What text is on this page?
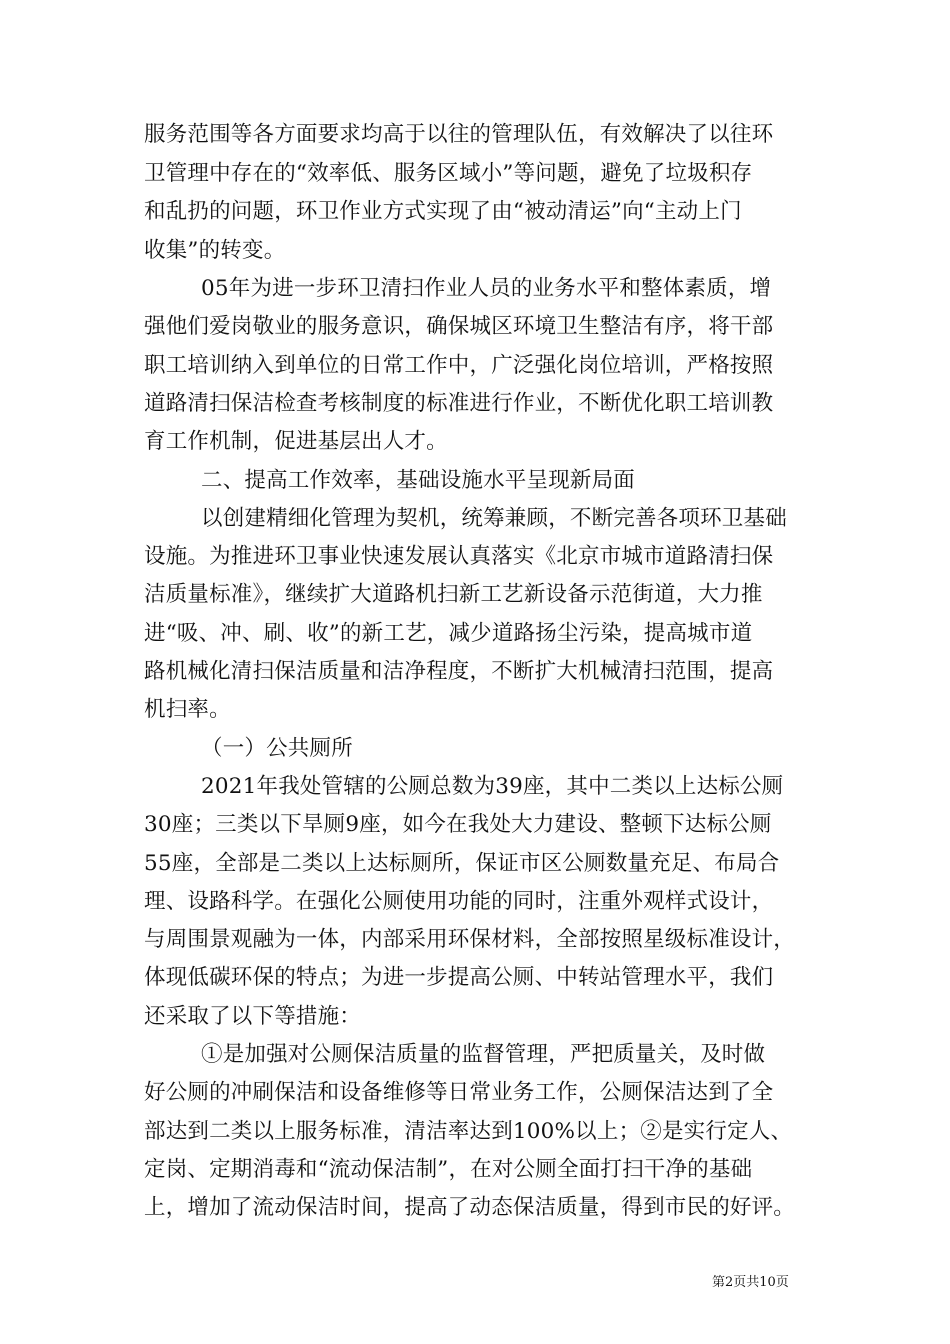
服务范围等各方面要求均高于以往的管理队伍，有效解决了以往环
卫管理中存在的“效率低、服务区域小”等问题，避免了垃圾积存
和乱扔的问题，环卫作业方式实现了由“被动清运”向“主动上门
收集”的转变。
05年为进一步环卫清扫作业人员的业务水平和整体素质，增
强他们爱岗敬业的服务意识，确保城区环境卫生整洁有序，将干部
职工培训纳入到单位的日常工作中，广泛强化岗位培训，严格按照
道路清扫保洁检查考核制度的标准进行作业，不断优化职工培训教
育工作机制，促进基层出人才。
二、提高工作效率，基础设施水平呈现新局面
以创建精细化管理为契机，统筹兼顾，不断完善各项环卫基础
设施。为推进环卫事业快速发展认真落实《北京市城市道路清扫保
洁质量标准》，继续扩大道路机扫新工艺新设备示范街道，大力推
进“吸、冲、刷、收”的新工艺，减少道路扬尘污染，提高城市道
路机械化清扫保洁质量和洁净程度，不断扩大机械清扫范围，提高
机扫率。
（一）公共厕所
2021年我处管辖的公厕总数为39座，其中二类以上达标公厕
30座；三类以下旱厕9座，如今在我处大力建设、整顿下达标公厕
55座，全部是二类以上达标厕所，保证市区公厕数量充足、布局合
理、设路科学。在强化公厕使用功能的同时，注重外观样式设计，
与周围景观融为一体，内部采用环保材料，全部按照星级标准设计，
体现低碳环保的特点；为进一步提高公厕、中转站管理水平，我们
还采取了以下等措施：
①是加强对公厕保洁质量的监督管理，严把质量关，及时做
好公厕的冲刷保洁和设备维修等日常业务工作，公厕保洁达到了全
部达到二类以上服务标准，清洁率达到100%以上；②是实行定人、
定岗、定期消毒和“流动保洁制”，在对公厕全面打扫干净的基础
上，增加了流动保洁时间，提高了动态保洁质量，得到市民的好评。
第2页共10页
